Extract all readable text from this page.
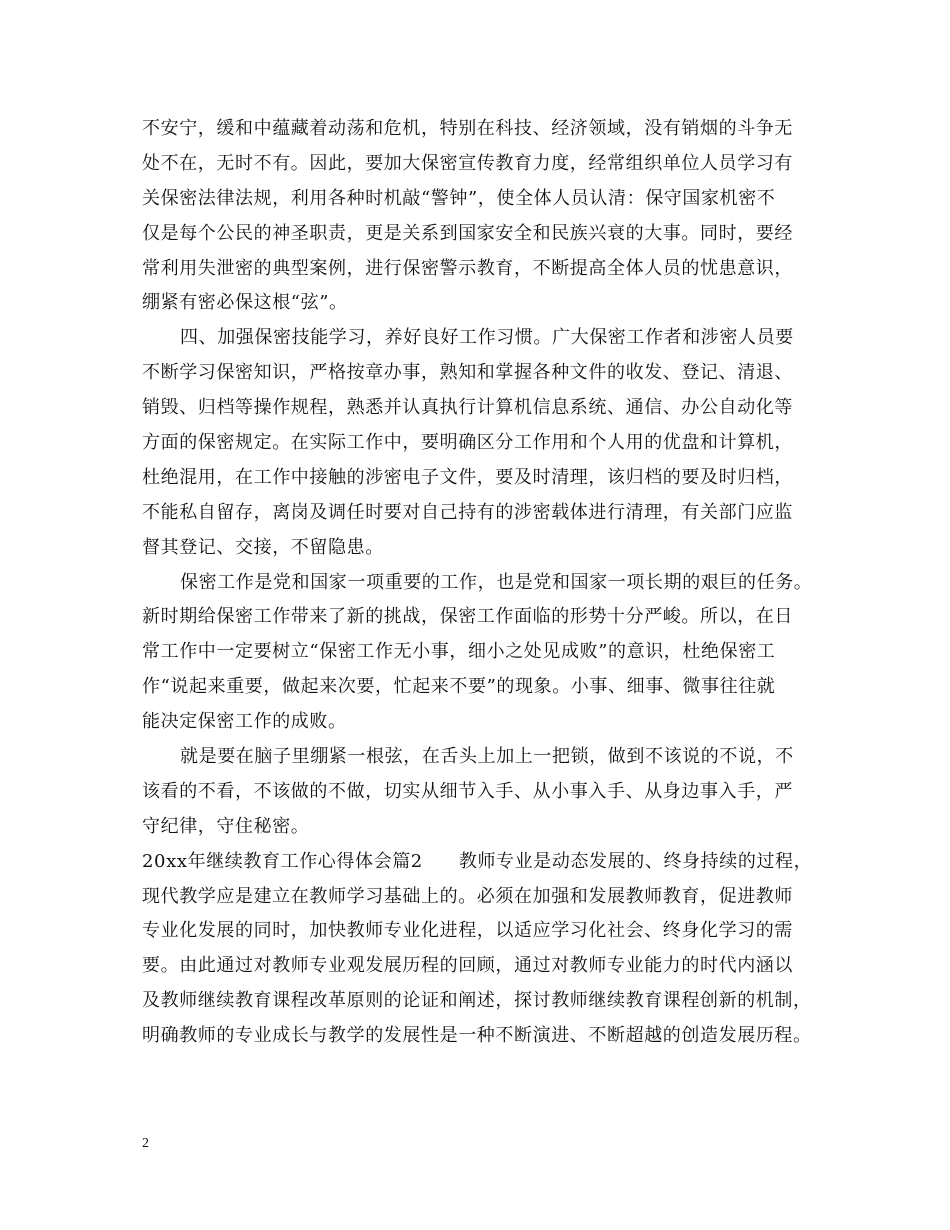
不安宁，缓和中蕴藏着动荡和危机，特别在科技、经济领域，没有销烟的斗争无
处不在，无时不有。因此，要加大保密宣传教育力度，经常组织单位人员学习有
关保密法律法规，利用各种时机敲“警钟”，使全体人员认清：保守国家机密不
仅是每个公民的神圣职责，更是关系到国家安全和民族兴衰的大事。同时，要经
常利用失泄密的典型案例，进行保密警示教育，不断提高全体人员的忧患意识，
绷紧有密必保这根“弦”。
四、加强保密技能学习，养好良好工作习惯。广大保密工作者和涉密人员要
不断学习保密知识，严格按章办事，熟知和掌握各种文件的收发、登记、清退、
销毁、归档等操作规程，熟悉并认真执行计算机信息系统、通信、办公自动化等
方面的保密规定。在实际工作中，要明确区分工作用和个人用的优盘和计算机，
杜绝混用，在工作中接触的涉密电子文件，要及时清理，该归档的要及时归档，
不能私自留存，离岗及调任时要对自己持有的涉密载体进行清理，有关部门应监
督其登记、交接，不留隐患。
保密工作是党和国家一项重要的工作，也是党和国家一项长期的艰巨的任务。
新时期给保密工作带来了新的挑战，保密工作面临的形势十分严峻。所以，在日
常工作中一定要树立“保密工作无小事，细小之处见成败”的意识，杜绝保密工
作“说起来重要，做起来次要，忙起来不要”的现象。小事、细事、微事往往就
能决定保密工作的成败。
就是要在脑子里绷紧一根弦，在舌头上加上一把锁，做到不该说的不说，不
该看的不看，不该做的不做，切实从细节入手、从小事入手、从身边事入手，严
守纪律，守住秘密。
20xx年继续教育工作心得体会篇2 教师专业是动态发展的、终身持续的过程，
现代教学应是建立在教师学习基础上的。必须在加强和发展教师教育，促进教师
专业化发展的同时，加快教师专业化进程，以适应学习化社会、终身化学习的需
要。由此通过对教师专业观发展历程的回顾，通过对教师专业能力的时代内涵以
及教师继续教育课程改革原则的论证和阐述，探讨教师继续教育课程创新的机制，
明确教师的专业成长与教学的发展性是一种不断演进、不断超越的创造发展历程。
2
